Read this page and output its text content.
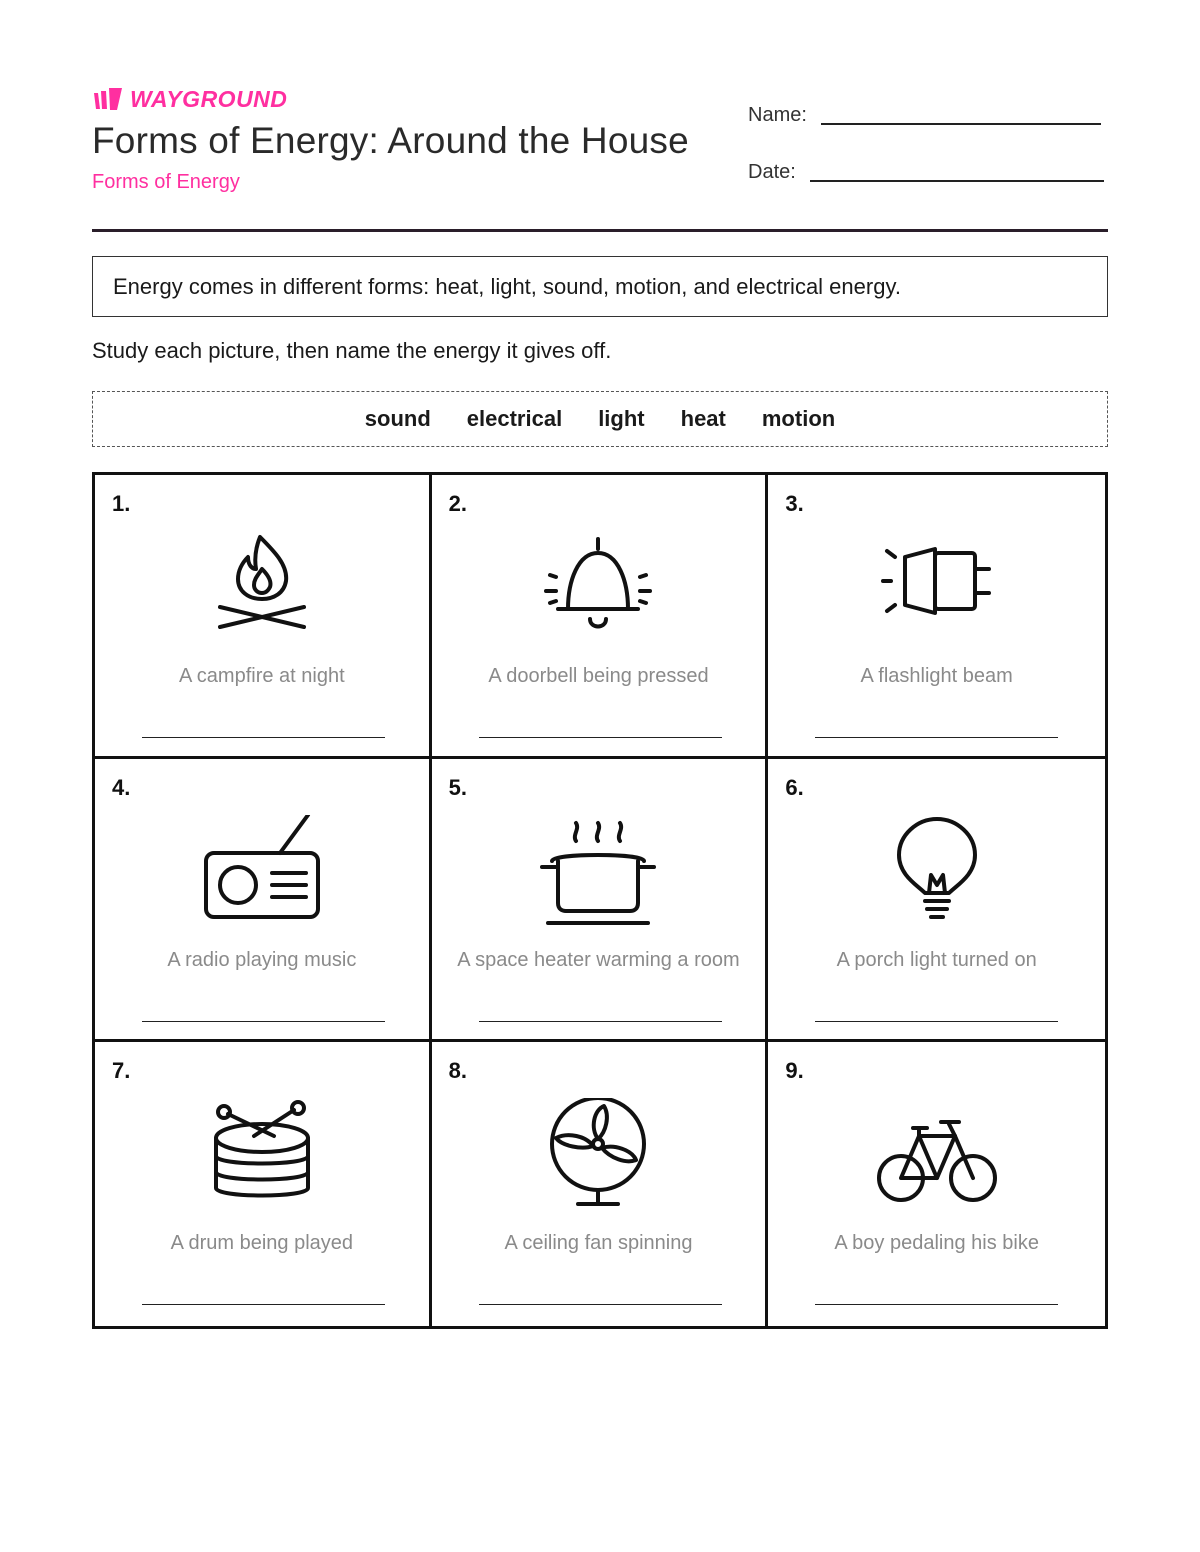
WAYGROUND
Forms of Energy: Around the House
Forms of Energy
Name:
Date:
Energy comes in different forms: heat, light, sound, motion, and electrical energy.
Study each picture, then name the energy it gives off.
sound electrical light heat motion
1.
A campfire at night
2.
A doorbell being pressed
3.
A flashlight beam
4.
A radio playing music
5.
A space heater warming a room
6.
A porch light turned on
7.
A drum being played
8.
A ceiling fan spinning
9.
A boy pedaling his bike
